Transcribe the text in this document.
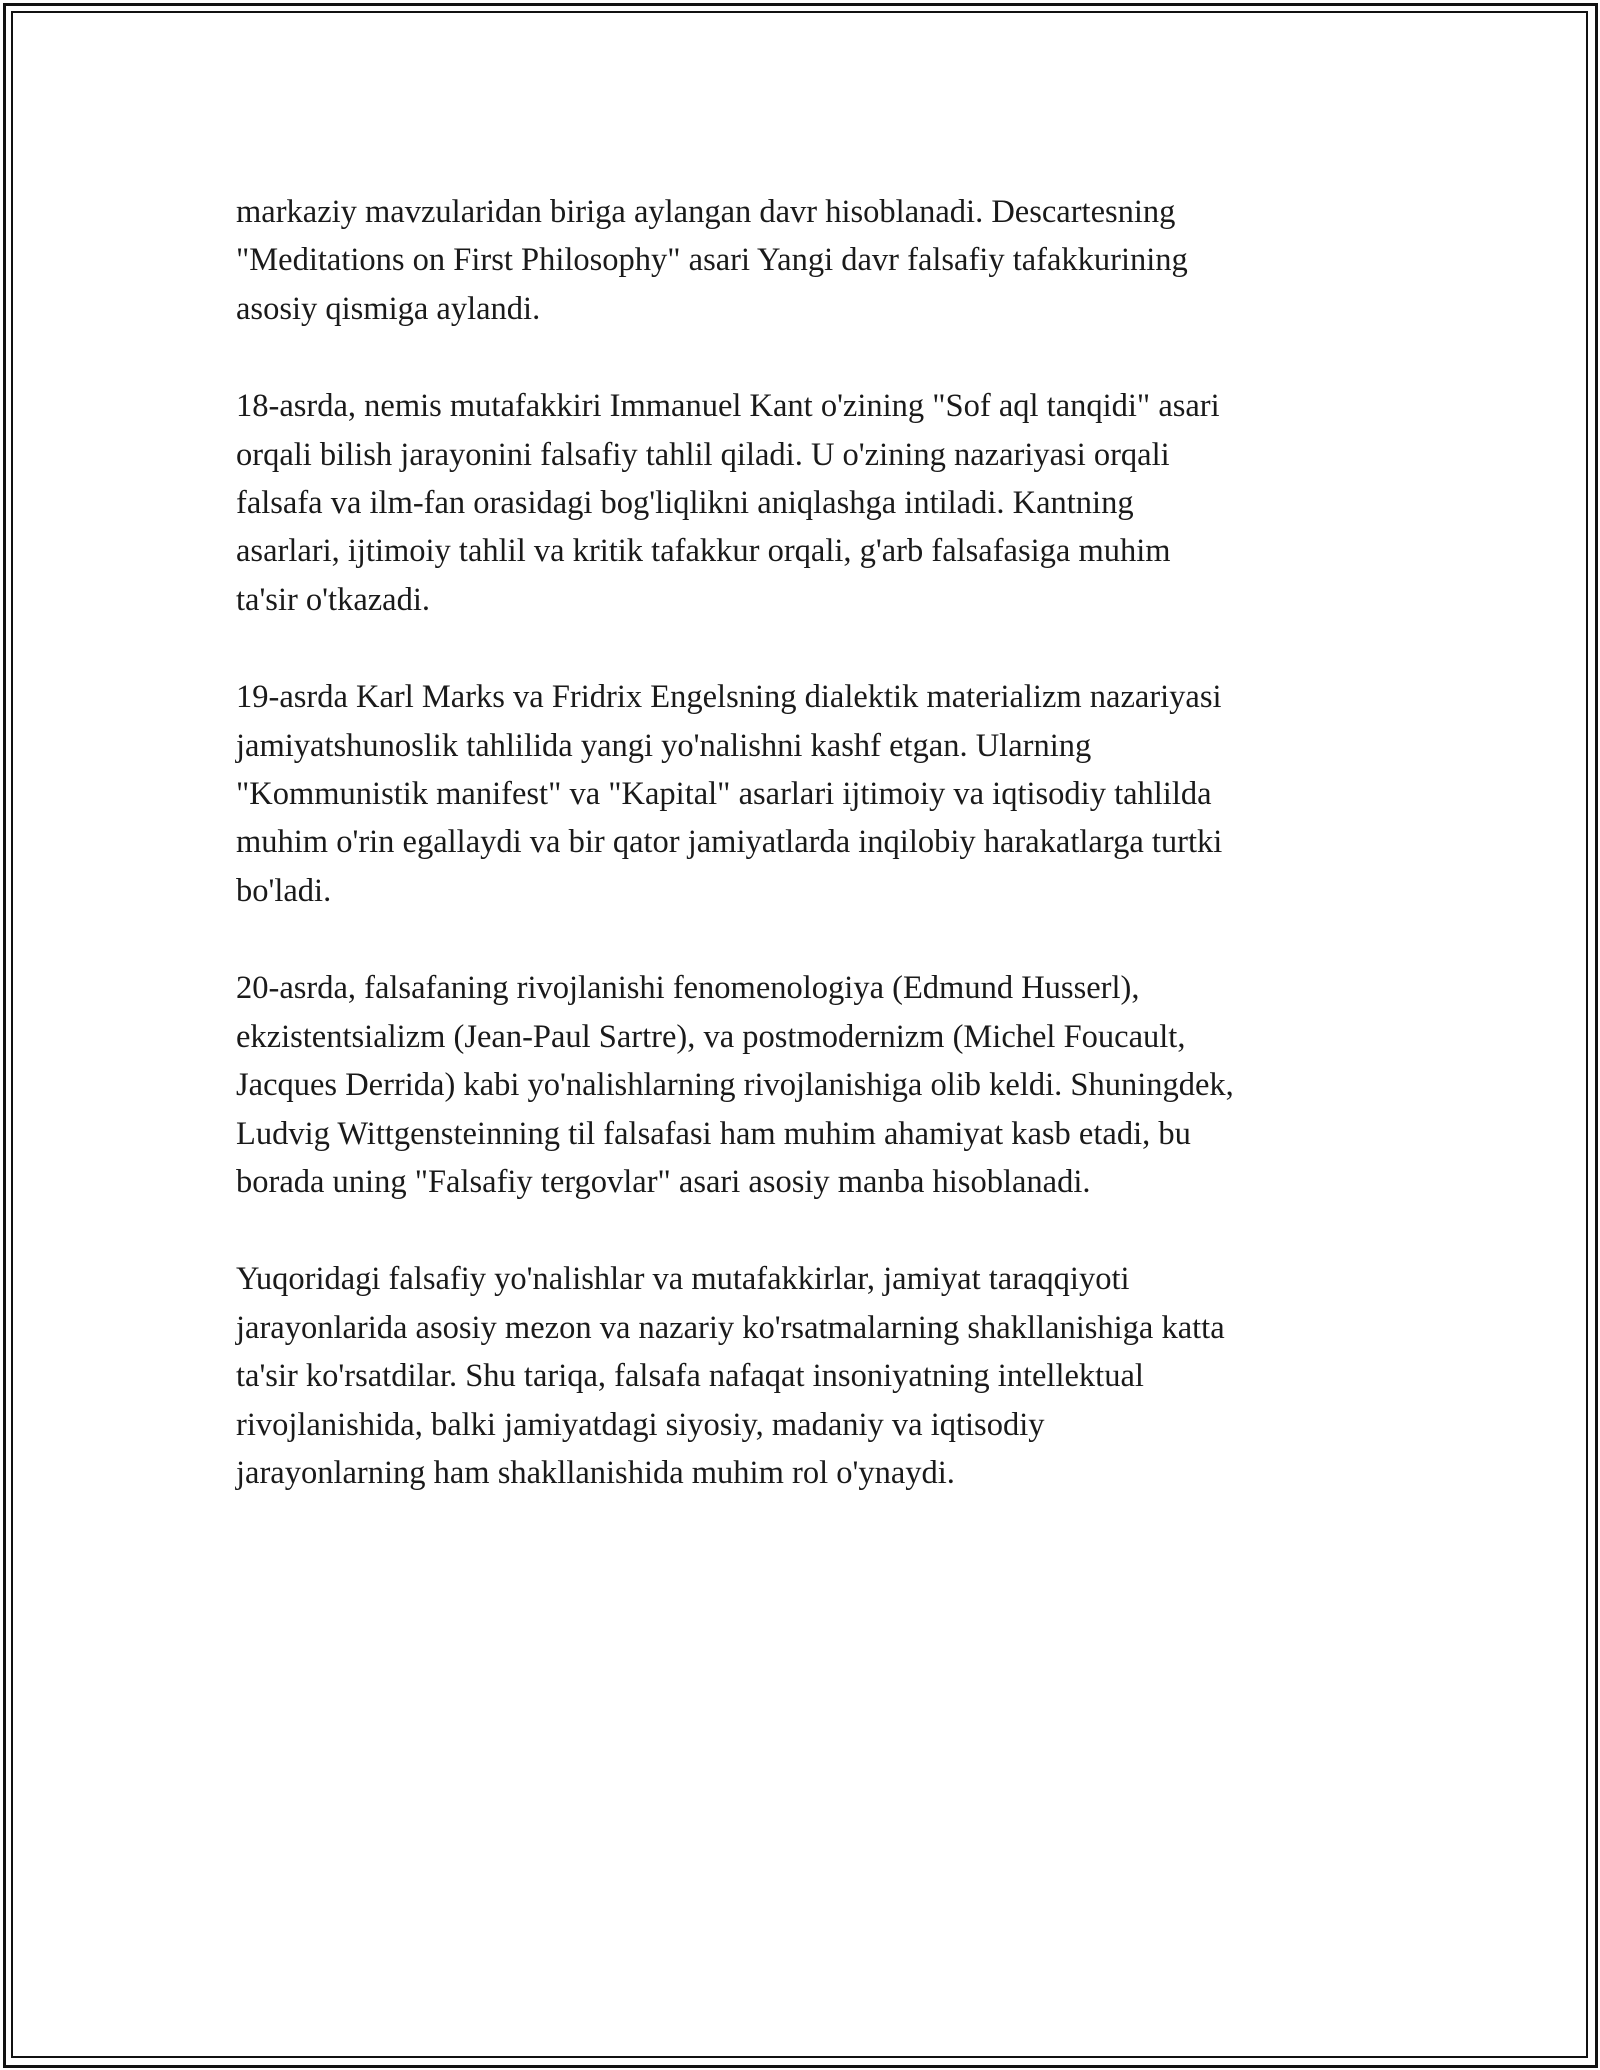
markaziy mavzularidan biriga aylangan davr hisoblanadi. Descartesning
"Meditations on First Philosophy" asari Yangi davr falsafiy tafakkurining
asosiy qismiga aylandi.

18-asrda, nemis mutafakkiri Immanuel Kant o'zining "Sof aql tanqidi" asari
orqali bilish jarayonini falsafiy tahlil qiladi. U o'zining nazariyasi orqali
falsafa va ilm-fan orasidagi bog'liqlikni aniqlashga intiladi. Kantning
asarlari, ijtimoiy tahlil va kritik tafakkur orqali, g'arb falsafasiga muhim
ta'sir o'tkazadi.

19-asrda Karl Marks va Fridrix Engelsning dialektik materializm nazariyasi
jamiyatshunoslik tahlilida yangi yo'nalishni kashf etgan. Ularning
"Kommunistik manifest" va "Kapital" asarlari ijtimoiy va iqtisodiy tahlilda
muhim o'rin egallaydi va bir qator jamiyatlarda inqilobiy harakatlarga turtki
bo'ladi.

20-asrda, falsafaning rivojlanishi fenomenologiya (Edmund Husserl),
ekzistentsializm (Jean-Paul Sartre), va postmodernizm (Michel Foucault,
Jacques Derrida) kabi yo'nalishlarning rivojlanishiga olib keldi. Shuningdek,
Ludvig Wittgensteinning til falsafasi ham muhim ahamiyat kasb etadi, bu
borada uning "Falsafiy tergovlar" asari asosiy manba hisoblanadi.

Yuqoridagi falsafiy yo'nalishlar va mutafakkirlar, jamiyat taraqqiyoti
jarayonlarida asosiy mezon va nazariy ko'rsatmalarning shakllanishiga katta
ta'sir ko'rsatdilar. Shu tariqa, falsafa nafaqat insoniyatning intellektual
rivojlanishida, balki jamiyatdagi siyosiy, madaniy va iqtisodiy
jarayonlarning ham shakllanishida muhim rol o'ynaydi.
